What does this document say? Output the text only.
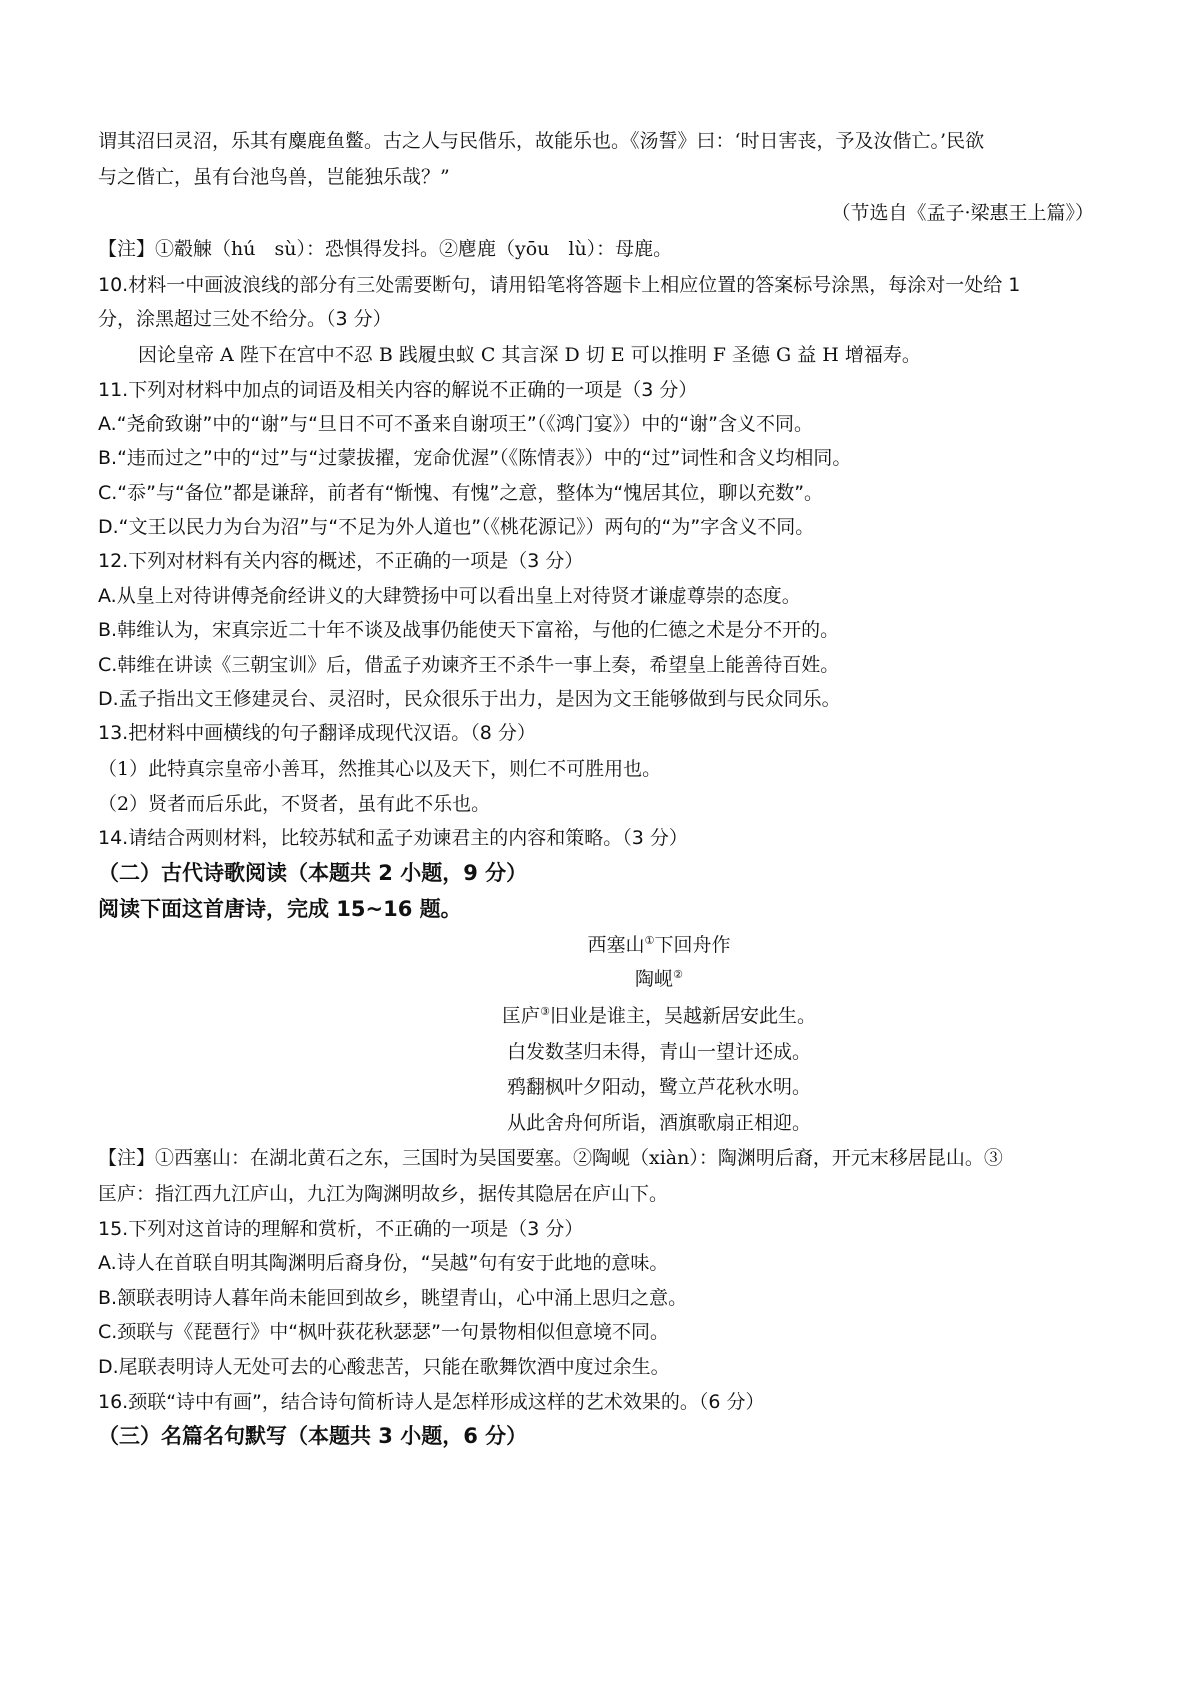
谓其沼曰灵沼，乐其有麋鹿鱼鳖。古之人与民偕乐，故能乐也。《汤誓》曰：‘时日害丧，予及汝偕亡。’民欲
与之偕亡，虽有台池鸟兽，岂能独乐哉？”
（节选自《孟子·梁惠王上篇》）
【注】①觳觫（hú　sù）：恐惧得发抖。②麀鹿（yōu　lù）：母鹿。
10.材料一中画波浪线的部分有三处需要断句，请用铅笔将答题卡上相应位置的答案标号涂黑，每涂对一处给 1
分，涂黑超过三处不给分。（3 分）
因论皇帝 A 陛下在宫中不忍 B 践履虫蚁 C 其言深 D 切 E 可以推明 F 圣德 G 益 H 增福寿。
11.下列对材料中加点的词语及相关内容的解说不正确的一项是（3 分）
A.“尧俞致谢”中的“谢”与“旦日不可不蚤来自谢项王”（《鸿门宴》）中的“谢”含义不同。
B.“违而过之”中的“过”与“过蒙拔擢，宠命优渥”（《陈情表》）中的“过”词性和含义均相同。
C.“忝”与“备位”都是谦辞，前者有“惭愧、有愧”之意，整体为“愧居其位，聊以充数”。
D.“文王以民力为台为沼”与“不足为外人道也”（《桃花源记》）两句的“为”字含义不同。
12.下列对材料有关内容的概述，不正确的一项是（3 分）
A.从皇上对待讲傅尧俞经讲义的大肆赞扬中可以看出皇上对待贤才谦虚尊崇的态度。
B.韩维认为，宋真宗近二十年不谈及战事仍能使天下富裕，与他的仁德之术是分不开的。
C.韩维在讲读《三朝宝训》后，借孟子劝谏齐王不杀牛一事上奏，希望皇上能善待百姓。
D.孟子指出文王修建灵台、灵沼时，民众很乐于出力，是因为文王能够做到与民众同乐。
13.把材料中画横线的句子翻译成现代汉语。（8 分）
（1）此特真宗皇帝小善耳，然推其心以及天下，则仁不可胜用也。
（2）贤者而后乐此，不贤者，虽有此不乐也。
14.请结合两则材料，比较苏轼和孟子劝谏君主的内容和策略。（3 分）
（二）古代诗歌阅读（本题共 2 小题，9 分）
阅读下面这首唐诗，完成 15~16 题。
西塞山①下回舟作
陶岘②
匡庐③旧业是谁主，吴越新居安此生。
白发数茎归未得，青山一望计还成。
鸦翻枫叶夕阳动，鹭立芦花秋水明。
从此舍舟何所诣，酒旗歌扇正相迎。
【注】①西塞山：在湖北黄石之东，三国时为吴国要塞。②陶岘（xiàn）：陶渊明后裔，开元末移居昆山。③
匡庐：指江西九江庐山，九江为陶渊明故乡，据传其隐居在庐山下。
15.下列对这首诗的理解和赏析，不正确的一项是（3 分）
A.诗人在首联自明其陶渊明后裔身份，“吴越”句有安于此地的意味。
B.颔联表明诗人暮年尚未能回到故乡，眺望青山，心中涌上思归之意。
C.颈联与《琵琶行》中“枫叶荻花秋瑟瑟”一句景物相似但意境不同。
D.尾联表明诗人无处可去的心酸悲苦，只能在歌舞饮酒中度过余生。
16.颈联“诗中有画”，结合诗句简析诗人是怎样形成这样的艺术效果的。（6 分）
（三）名篇名句默写（本题共 3 小题，6 分）
